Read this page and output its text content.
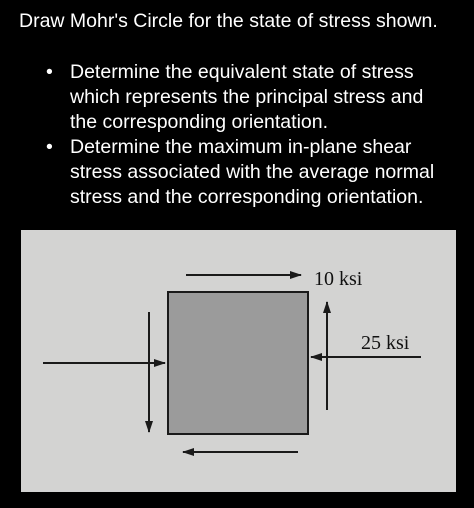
Draw Mohr's Circle for the state of stress shown.
• Determine the equivalent state of stress
which represents the principal stress and
the corresponding orientation.
• Determine the maximum in-plane shear
stress associated with the average normal
stress and the corresponding orientation.
10 ksi
25 ksi
